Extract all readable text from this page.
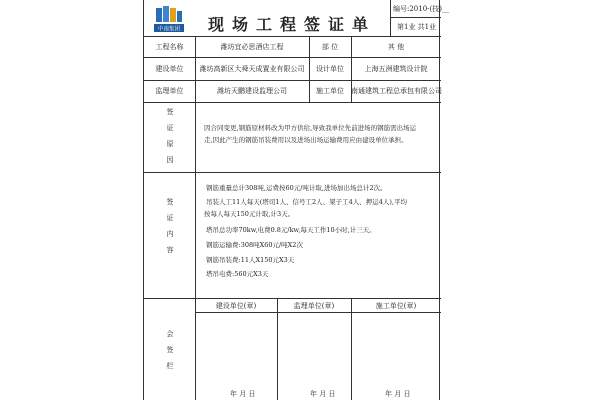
中南集团 现场工程签证单
编号:2010-(技)__
第1业 共1业
工程名称	潍坊宜必思酒店工程	部 位	其 他
建设单位	潍坊高新区大舜天成置业有限公司	设计单位	上海五洲建筑设计院
监理单位	潍坊天鹏建设监理公司	施工单位	南通建筑工程总承包有限公司
签
证
原
因
因合同变更,钢筋原材料改为甲方供给,导致我单位先前进场的钢筋需出场运
走,因此产生的钢筋吊装费用以及进场出场运输费用应由建设单位承担。
签
证
内
容
钢筋重量总计308吨,运费按60元/吨计取,进场加出场总计2次。
吊装人工11人每天(塔司1人、信号工2人、架子工4人、押运4人),平均
按每人每天150元计取,计3天。
塔吊总功率70kw,电费0.8元/kw,每天工作10小时,计三天。
钢筋运输费:308吨X60元/吨X2次
钢筋吊装费:11人X150元X3天
塔吊电费:560元X3天
会
签
栏
建设单位(章)	监理单位(章)	施工单位(章)
年 月 日	年 月 日	年 月 日
